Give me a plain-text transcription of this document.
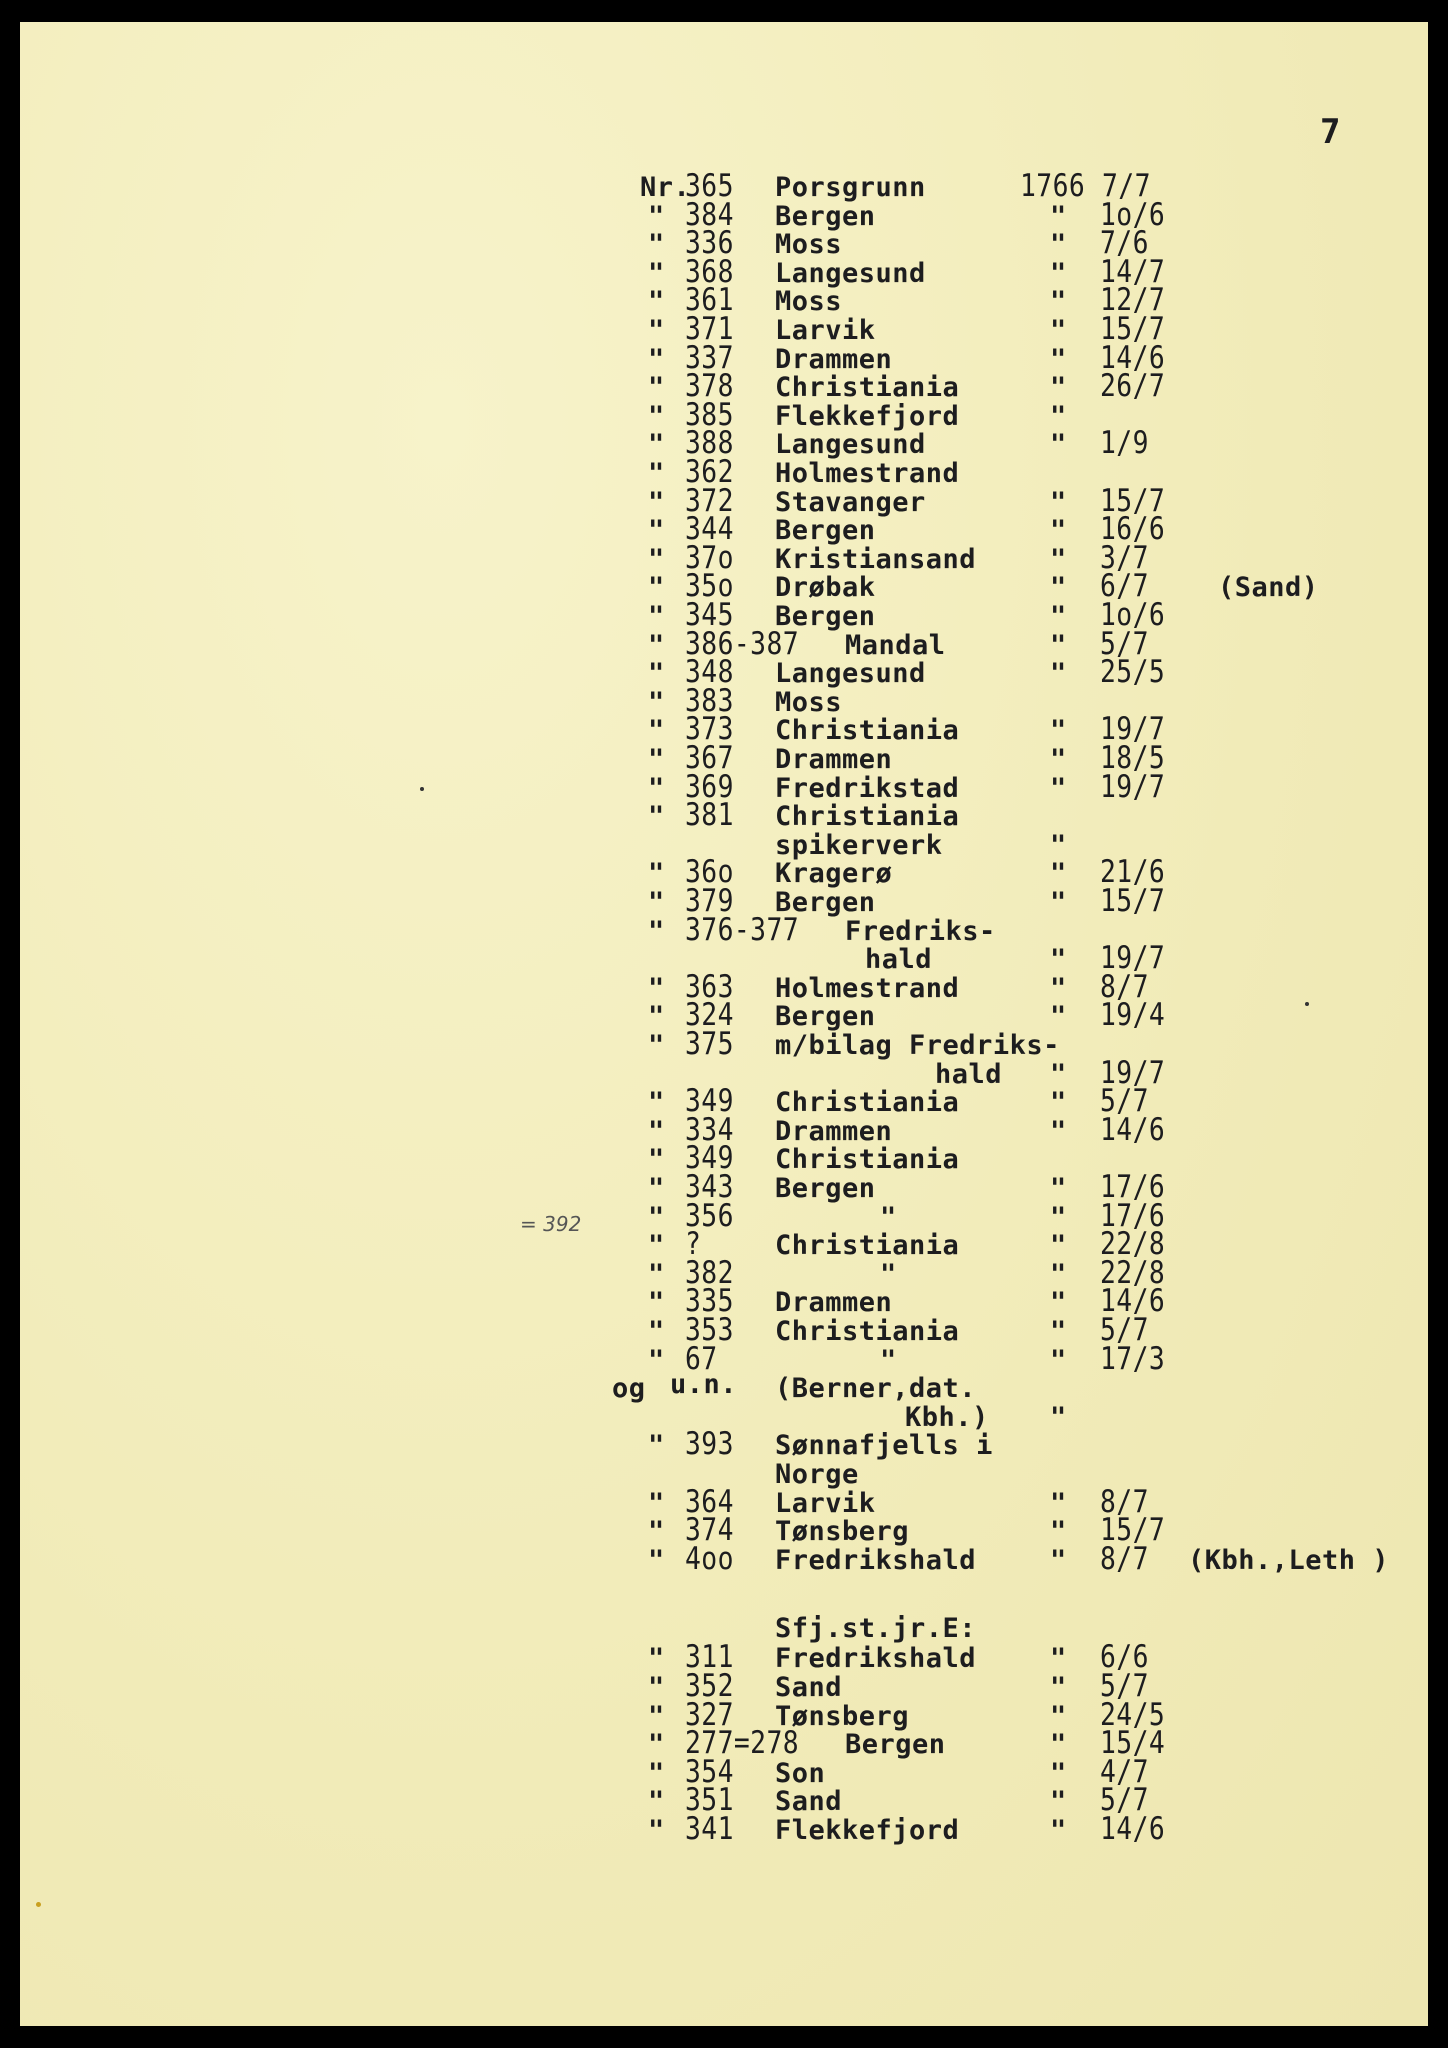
7
= 392
Nr.
365 Porsgrunn	1766 7/7
" 384 Bergen	" 1o/6
" 336 Moss	" 7/6
" 368 Langesund	" 14/7
" 361 Moss	" 12/7
" 371 Larvik	" 15/7
" 337 Drammen	" 14/6
" 378 Christiania	" 26/7
" 385 Flekkefjord	"
" 388 Langesund	" 1/9
" 362 Holmestrand
" 372 Stavanger	" 15/7
" 344 Bergen	" 16/6
" 37o Kristiansand	" 3/7
" 35o Drøbak	" 6/7	(Sand)
" 345 Bergen	" 1o/6
" 386-387 Mandal	" 5/7
" 348 Langesund	" 25/5
" 383 Moss
" 373 Christiania	" 19/7
" 367 Drammen	" 18/5
" 369 Fredrikstad	" 19/7
" 381 Christiania
spikerverk	"
" 36o Kragerø	" 21/6
" 379 Bergen	" 15/7
" 376-377 Fredriks-
hald	" 19/7
" 363 Holmestrand	" 8/7
" 324 Bergen	" 19/4
" 375 m/bilag Fredriks-
hald " 19/7
" 349 Christiania	" 5/7
" 334 Drammen	" 14/6
" 349 Christiania
" 343 Bergen	" 17/6
" 356	"	" 17/6
" ?	Christiania	" 22/8
" 382	"	" 22/8
" 335 Drammen	" 14/6
" 353 Christiania	" 5/7
" 67	"	" 17/3
og u.n. (Berner,dat.
Kbh.) "
" 393 Sønnafjells i
Norge
" 364 Larvik	" 8/7
" 374 Tønsberg	" 15/7
" 4oo Fredrikshald	" 8/7 (Kbh.,Leth )
Sfj.st.jr.E:
" 311 Fredrikshald	" 6/6
" 352 Sand	" 5/7
" 327 Tønsberg	" 24/5
" 277=278 Bergen	" 15/4
" 354 Son	" 4/7
" 351 Sand	" 5/7
" 341 Flekkefjord	" 14/6
